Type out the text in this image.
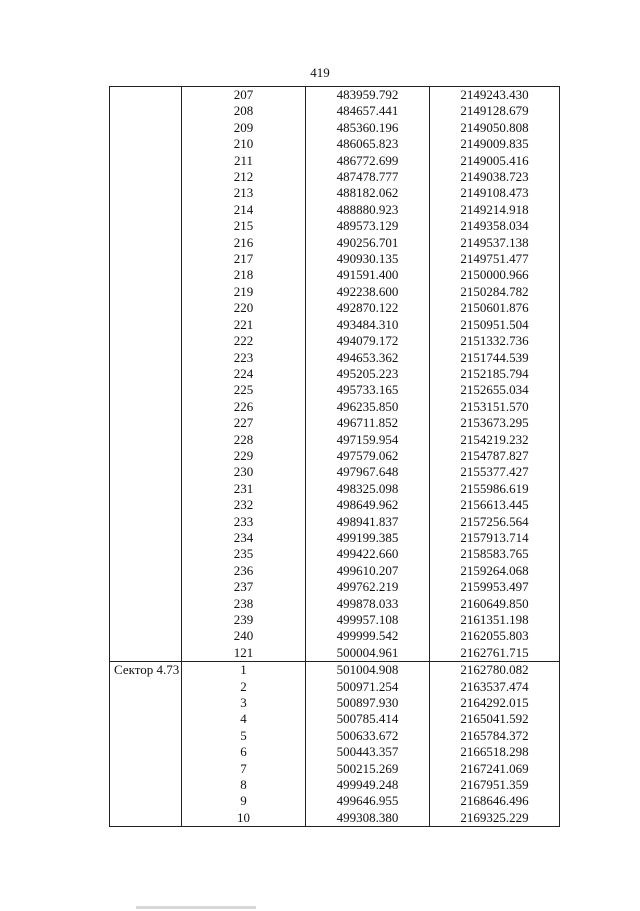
419
	207	483959.792	2149243.430
	208	484657.441	2149128.679
	209	485360.196	2149050.808
	210	486065.823	2149009.835
	211	486772.699	2149005.416
	212	487478.777	2149038.723
	213	488182.062	2149108.473
	214	488880.923	2149214.918
	215	489573.129	2149358.034
	216	490256.701	2149537.138
	217	490930.135	2149751.477
	218	491591.400	2150000.966
	219	492238.600	2150284.782
	220	492870.122	2150601.876
	221	493484.310	2150951.504
	222	494079.172	2151332.736
	223	494653.362	2151744.539
	224	495205.223	2152185.794
	225	495733.165	2152655.034
	226	496235.850	2153151.570
	227	496711.852	2153673.295
	228	497159.954	2154219.232
	229	497579.062	2154787.827
	230	497967.648	2155377.427
	231	498325.098	2155986.619
	232	498649.962	2156613.445
	233	498941.837	2157256.564
	234	499199.385	2157913.714
	235	499422.660	2158583.765
	236	499610.207	2159264.068
	237	499762.219	2159953.497
	238	499878.033	2160649.850
	239	499957.108	2161351.198
	240	499999.542	2162055.803
	121	500004.961	2162761.715
Сектор 4.73	1	501004.908	2162780.082
	2	500971.254	2163537.474
	3	500897.930	2164292.015
	4	500785.414	2165041.592
	5	500633.672	2165784.372
	6	500443.357	2166518.298
	7	500215.269	2167241.069
	8	499949.248	2167951.359
	9	499646.955	2168646.496
	10	499308.380	2169325.229
